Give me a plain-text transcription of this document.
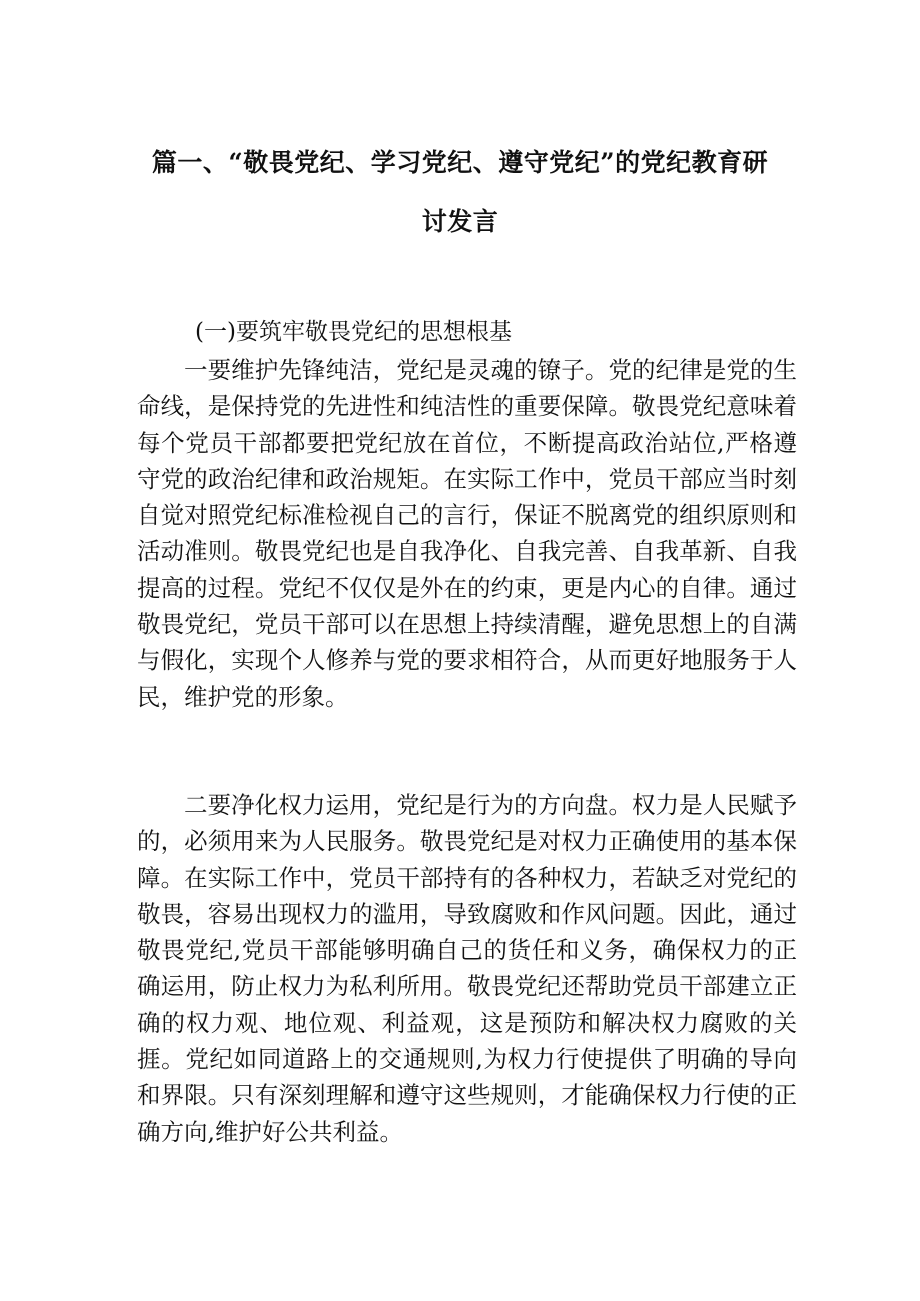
篇一、“敬畏党纪、学习党纪、遵守党纪”的党纪教育研
讨发言
(一)要筑牢敬畏党纪的思想根基

一要维护先锋纯洁，党纪是灵魂的镣子。党的纪律是党的生命线，是保持党的先进性和纯洁性的重要保障。敬畏党纪意味着每个党员干部都要把党纪放在首位，不断提高政治站位,严格遵守党的政治纪律和政治规矩。在实际工作中，党员干部应当时刻自觉对照党纪标准检视自己的言行，保证不脱离党的组织原则和活动准则。敬畏党纪也是自我净化、自我完善、自我革新、自我提高的过程。党纪不仅仅是外在的约束，更是内心的自律。通过敬畏党纪，党员干部可以在思想上持续清醒，避免思想上的自满与假化，实现个人修养与党的要求相符合，从而更好地服务于人民，维护党的形象。

二要净化权力运用，党纪是行为的方向盘。权力是人民赋予的，必须用来为人民服务。敬畏党纪是对权力正确使用的基本保障。在实际工作中，党员干部持有的各种权力，若缺乏对党纪的敬畏，容易出现权力的滥用，导致腐败和作风问题。因此，通过敬畏党纪,党员干部能够明确自己的货任和义务，确保权力的正确运用，防止权力为私利所用。敬畏党纪还帮助党员干部建立正确的权力观、地位观、利益观，这是预防和解决权力腐败的关捱。党纪如同道路上的交通规则,为权力行使提供了明确的导向和界限。只有深刻理解和遵守这些规则，才能确保权力行使的正确方向,维护好公共利益。
